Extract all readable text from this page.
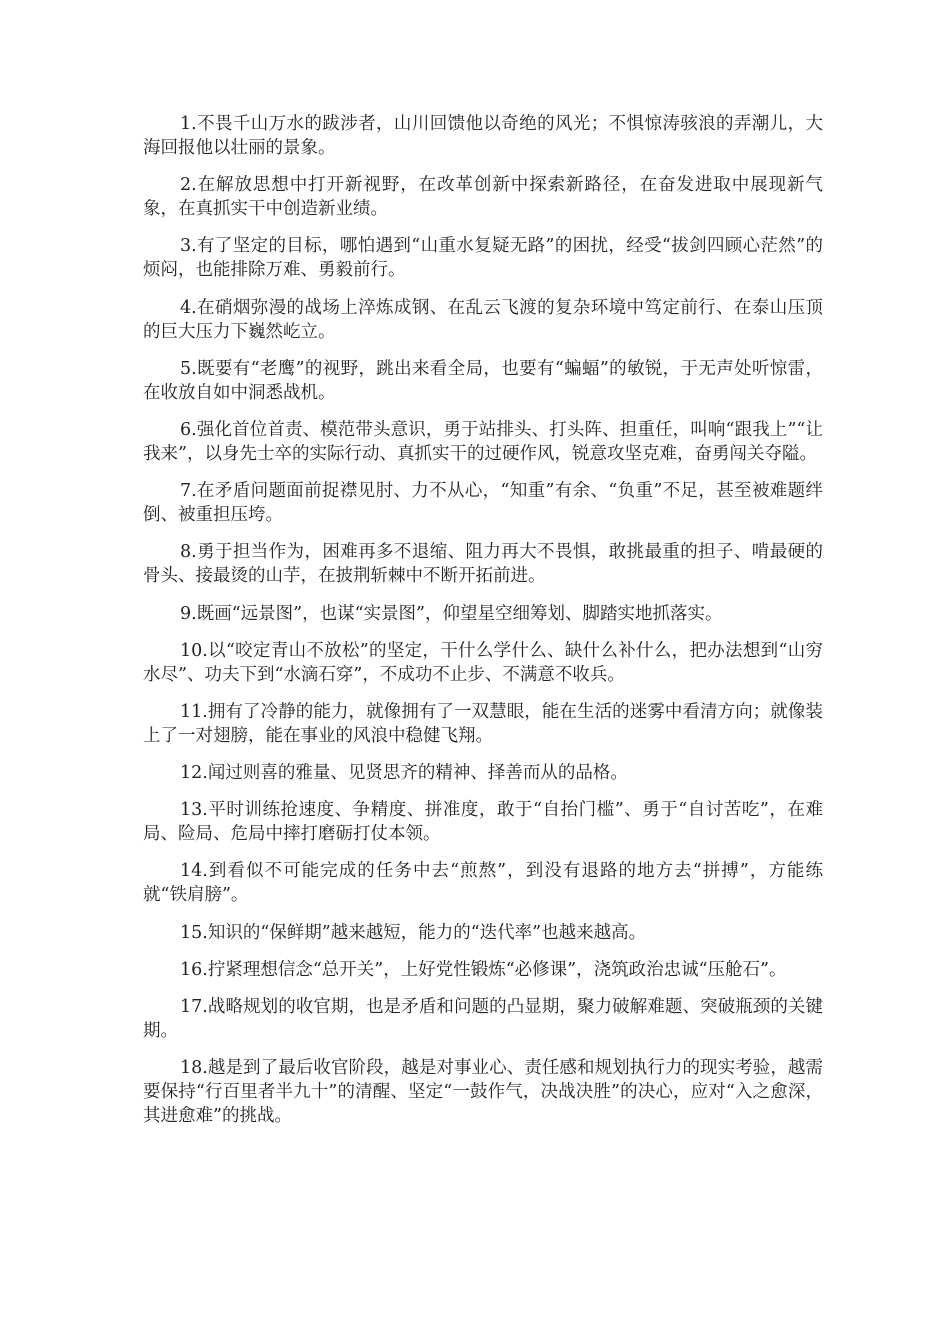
1.不畏千山万水的跋涉者，山川回馈他以奇绝的风光；不惧惊涛骇浪的弄潮儿，大海回报他以壮丽的景象。

2.在解放思想中打开新视野，在改革创新中探索新路径，在奋发进取中展现新气象，在真抓实干中创造新业绩。

3.有了坚定的目标，哪怕遇到“山重水复疑无路”的困扰，经受“拔剑四顾心茫然”的烦闷，也能排除万难、勇毅前行。

4.在硝烟弥漫的战场上淬炼成钢、在乱云飞渡的复杂环境中笃定前行、在泰山压顶的巨大压力下巍然屹立。

5.既要有“老鹰”的视野，跳出来看全局，也要有“蝙蝠”的敏锐，于无声处听惊雷，在收放自如中洞悉战机。

6.强化首位首责、模范带头意识，勇于站排头、打头阵、担重任，叫响“跟我上”“让我来”，以身先士卒的实际行动、真抓实干的过硬作风，锐意攻坚克难，奋勇闯关夺隘。

7.在矛盾问题面前捉襟见肘、力不从心，“知重”有余、“负重”不足，甚至被难题绊倒、被重担压垮。

8.勇于担当作为，困难再多不退缩、阻力再大不畏惧，敢挑最重的担子、啃最硬的骨头、接最烫的山芋，在披荆斩棘中不断开拓前进。

9.既画“远景图”，也谋“实景图”，仰望星空细筹划、脚踏实地抓落实。

10.以“咬定青山不放松”的坚定，干什么学什么、缺什么补什么，把办法想到“山穷水尽”、功夫下到“水滴石穿”，不成功不止步、不满意不收兵。

11.拥有了冷静的能力，就像拥有了一双慧眼，能在生活的迷雾中看清方向；就像装上了一对翅膀，能在事业的风浪中稳健飞翔。

12.闻过则喜的雅量、见贤思齐的精神、择善而从的品格。

13.平时训练抢速度、争精度、拼准度，敢于“自抬门槛”、勇于“自讨苦吃”，在难局、险局、危局中摔打磨砺打仗本领。

14.到看似不可能完成的任务中去“煎熬”，到没有退路的地方去“拼搏”，方能练就“铁肩膀”。

15.知识的“保鲜期”越来越短，能力的“迭代率”也越来越高。

16.拧紧理想信念“总开关”，上好党性锻炼“必修课”，浇筑政治忠诚“压舱石”。

17.战略规划的收官期，也是矛盾和问题的凸显期，聚力破解难题、突破瓶颈的关键期。

18.越是到了最后收官阶段，越是对事业心、责任感和规划执行力的现实考验，越需要保持“行百里者半九十”的清醒、坚定“一鼓作气，决战决胜”的决心，应对“入之愈深，其进愈难”的挑战。
